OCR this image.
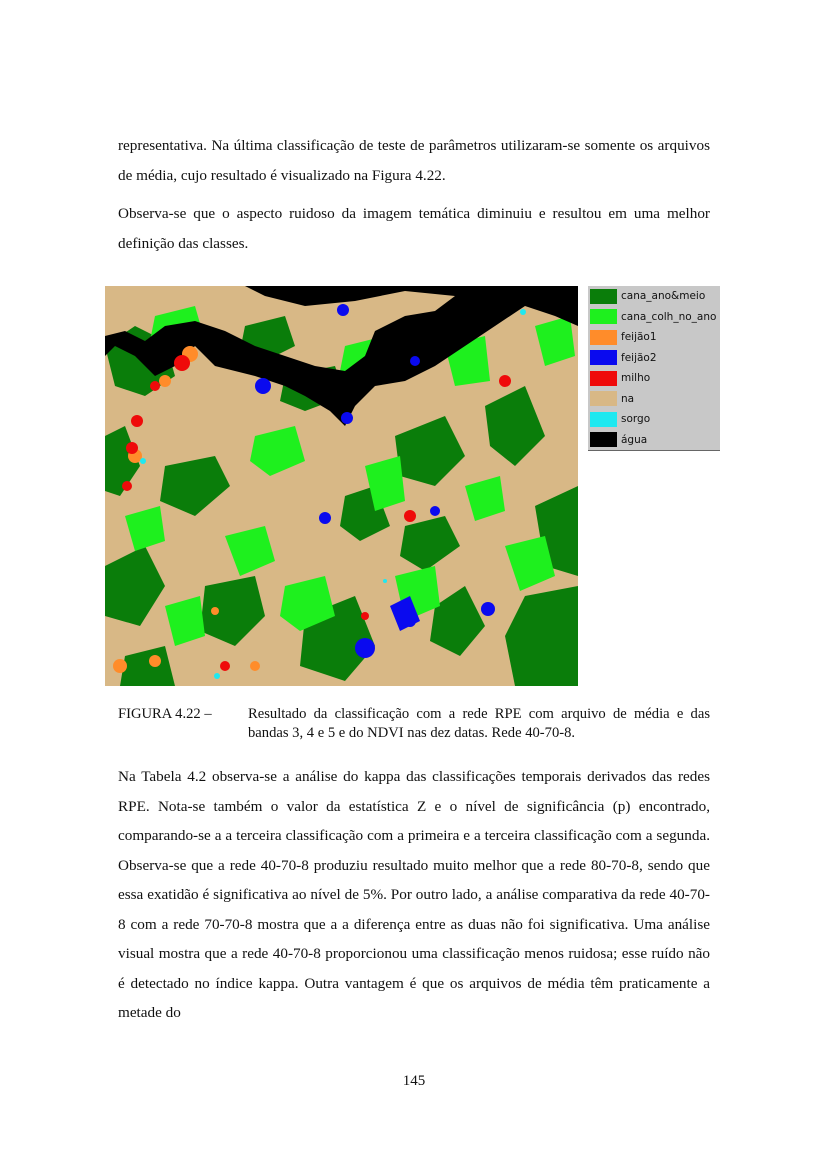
representativa. Na última classificação de teste de parâmetros utilizaram-se somente os arquivos de média, cujo resultado é visualizado na Figura 4.22.

Observa-se que o aspecto ruidoso da imagem temática diminuiu e resultou em uma melhor definição das classes.

cana_ano&meio
cana_colh_no_ano
feijão1
feijão2
milho
na
sorgo
água
FIGURA 4.22 –	Resultado da classificação com a rede RPE com arquivo de média e das bandas 3, 4 e 5 e do NDVI nas dez datas. Rede 40-70-8.

Na Tabela 4.2 observa-se a análise do kappa das classificações temporais derivados das redes RPE. Nota-se também o valor da estatística Z e o nível de significância (p) encontrado, comparando-se a a terceira classificação com a primeira e a terceira classificação com a segunda. Observa-se que a rede 40-70-8 produziu resultado muito melhor que a rede 80-70-8, sendo que essa exatidão é significativa ao nível de 5%. Por outro lado, a análise comparativa da rede 40-70-8 com a rede 70-70-8 mostra que a a diferença entre as duas não foi significativa. Uma análise visual mostra que a rede 40-70-8 proporcionou uma classificação menos ruidosa; esse ruído não é detectado no índice kappa. Outra vantagem é que os arquivos de média têm praticamente a metade do

145
